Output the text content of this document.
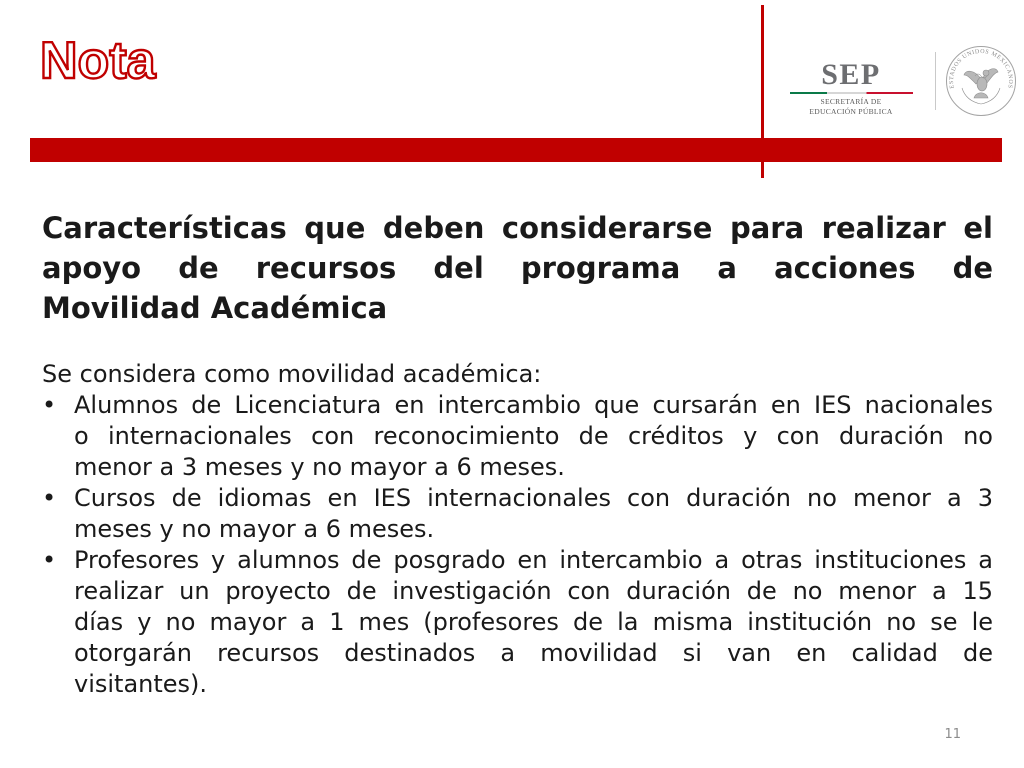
Nota	SEP
SECRETARÍA DE
EDUCACIÓN PÚBLICA
ESTADOS UNIDOS MEXICANOS
Características que deben considerarse para realizar el
apoyo de recursos del programa a acciones de
Movilidad Académica

Se considera como movilidad académica:

• Alumnos de Licenciatura en intercambio que cursarán en IES nacionales
o internacionales con reconocimiento de créditos y con duración no
menor a 3 meses y no mayor a 6 meses.
• Cursos de idiomas en IES internacionales con duración no menor a 3
meses y no mayor a 6 meses.
• Profesores y alumnos de posgrado en intercambio a otras instituciones a
realizar un proyecto de investigación con duración de no menor a 15
días y no mayor a 1 mes (profesores de la misma institución no se le
otorgarán recursos destinados a movilidad si van en calidad de
visitantes).
11
